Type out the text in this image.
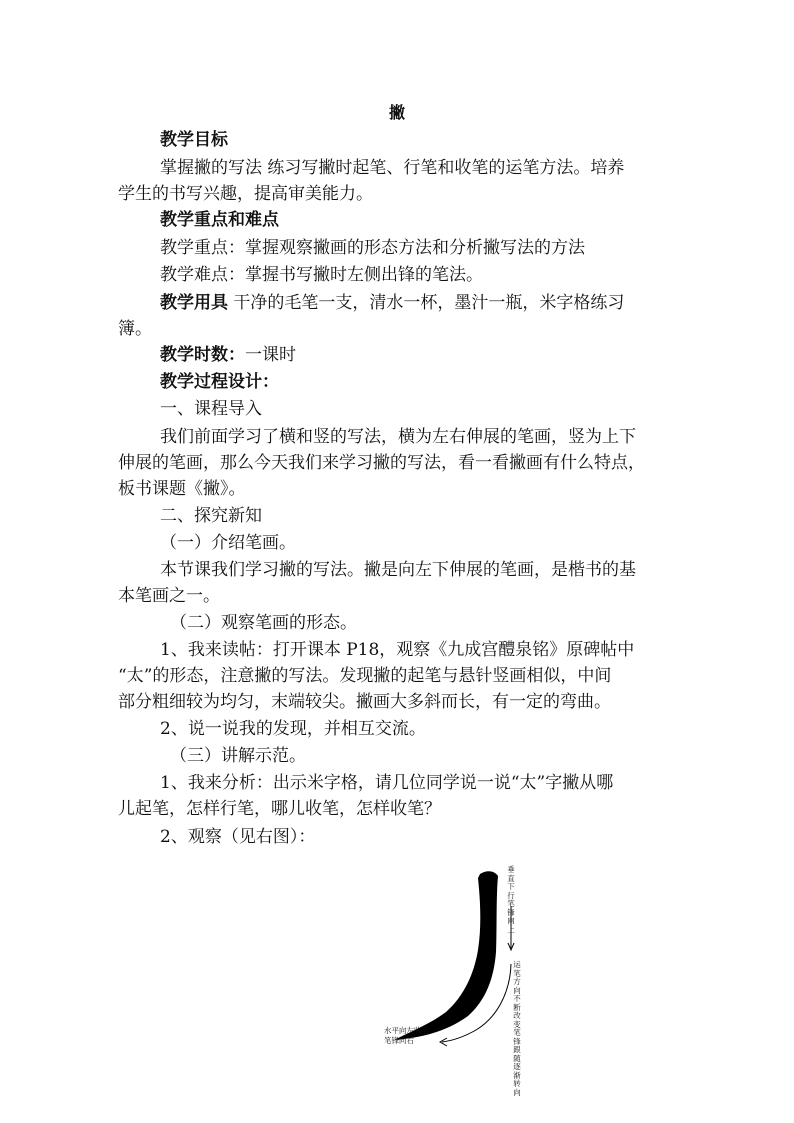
撇

教学目标

掌握撇的写法 练习写撇时起笔、行笔和收笔的运笔方法。培养

学生的书写兴趣，提高审美能力。

教学重点和难点

教学重点：掌握观察撇画的形态方法和分析撇写法的方法

教学难点：掌握书写撇时左侧出锋的笔法。

教学用具 干净的毛笔一支，清水一杯，墨汁一瓶，米字格练习

簿。

教学时数：一课时

教学过程设计：

一、课程导入

我们前面学习了横和竖的写法，横为左右伸展的笔画，竖为上下

伸展的笔画，那么今天我们来学习撇的写法，看一看撇画有什么特点，

板书课题《撇》。

二、探究新知

（一）介绍笔画。

本节课我们学习撇的写法。撇是向左下伸展的笔画，是楷书的基

本笔画之一。

（二）观察笔画的形态。

1、我来读帖：打开课本 P18，观察《九成宫醴泉铭》原碑帖中

“太”的形态，注意撇的写法。发现撇的起笔与悬针竖画相似，中间

部分粗细较为均匀，末端较尖。撇画大多斜而长，有一定的弯曲。

2、说一说我的发现，并相互交流。

（三）讲解示范。

1、我来分析：出示米字格，请几位同学说一说“太”字撇从哪

儿起笔，怎样行笔，哪儿收笔，怎样收笔？

2、观察（见右图）：

垂直下行笔锋向上
运笔方向不断改变笔锋跟随逐渐转向
水平向左收笔
笔锋向右
